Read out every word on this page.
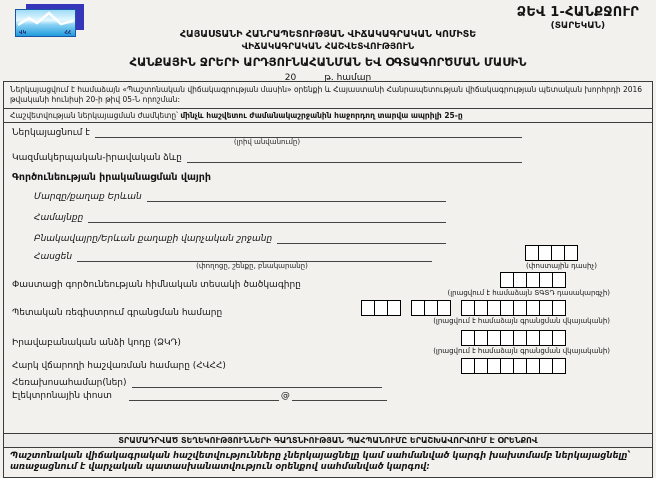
ՎԿ	ՀՀ
ՁԵՎ 1-ՀԱՆՔՋՈՒՐ
(ՏԱՐԵԿԱՆ)
ՀԱՅԱՍՏԱՆԻ ՀԱՆՐԱՊԵՏՈՒԹՅԱՆ ՎԻՃԱԿԱԳՐԱԿԱՆ ԿՈՄԻՏԵ
ՎԻՃԱԿԱԳՐԱԿԱՆ ՀԱՇՎԵՏՎՈՒԹՅՈՒՆ
ՀԱՆՔԱՅԻՆ ՋՐԵՐԻ ԱՐԴՅՈՒՆԱՀԱՆՄԱՆ ԵՎ ՕԳՏԱԳՈՐԾՄԱՆ ՄԱՍԻՆ
20	թ. համար
Ներկայացվում է համաձայն «Պաշտոնական վիճակագրության մասին» օրենքի և Հայաստանի Հանրապետության վիճակագրության պետական խորհրդի 2016 թվականի հունիսի 20-ի թիվ 05-Ն որոշման:
Հաշվետվության ներկայացման ժամկետը՝ մինչև հաշվետու ժամանակաշրջանին հաջորդող տարվա ապրիլի 25-ը
Ներկայացնում է
(լրիվ անվանումը)
Կազմակերպական-իրավական ձևը
Գործունեության իրականացման վայրի
Մարզը/քաղաք Երևան
Համայնքը
Բնակավայրը/Երևան քաղաքի վարչական շրջանը
Հասցեն
(փողոցը, շենքը, բնակարանը)	(փոստային դասիչ)
Փաստացի գործունեության հիմնական տեսակի ծածկագիրը
(լրացվում է համաձայն ՏԳՏԴ դասակարգչի)
Պետական ռեգիստրում գրանցման համարը
(լրացվում է համաձայն գրանցման վկայականի)
Իրավաբանական անձի կոդը (ՁԿԴ)
(լրացվում է համաձայն գրանցման վկայականի)
Հարկ վճարողի հաշվառման համարը (ՀՎՀՀ)
Հեռախոսահամար(ներ)
Էլեկտրոնային փոստ	@
ՏՐԱՄԱԴՐՎԱԾ ՏԵՂԵԿՈՒԹՅՈՒՆՆԵՐԻ ԳԱՂՏՆԻՈՒԹՅԱՆ ՊԱՀՊԱՆՈՒՄԸ ԵՐԱՇԽԱՎՈՐՎՈՒՄ Է ՕՐԵՆՔՈՎ
Պաշտոնական վիճակագրական հաշվետվությունները չներկայացնելը կամ սահմանված կարգի խախտմամբ ներկայացնելը՝ առաջացնում է վարչական պատասխանատվություն օրենքով սահմանված կարգով:
